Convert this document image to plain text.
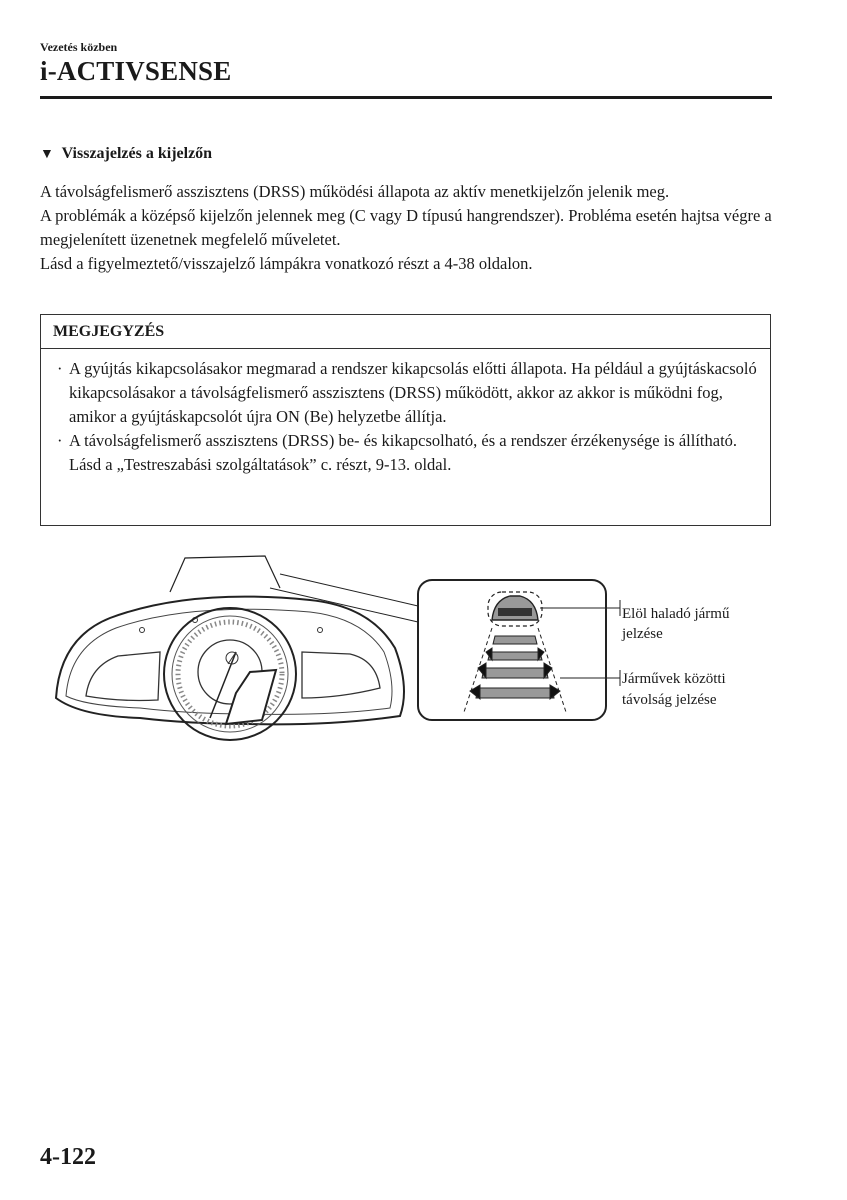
Vezetés közben
i-ACTIVSENSE
▼ Visszajelzés a kijelzőn

A távolságfelismerő asszisztens (DRSS) működési állapota az aktív menetkijelzőn jelenik meg.

A problémák a középső kijelzőn jelennek meg (C vagy D típusú hangrendszer). Probléma esetén hajtsa végre a megjelenített üzenetnek megfelelő műveletet.

Lásd a figyelmeztető/visszajelző lámpákra vonatkozó részt a 4-38 oldalon.

MEGJEGYZÉS
· A gyújtás kikapcsolásakor megmarad a rendszer kikapcsolás előtti állapota. Ha például a gyújtáskacsoló kikapcsolásakor a távolságfelismerő asszisztens (DRSS) működött, akkor az akkor is működni fog, amikor a gyújtáskapcsolót újra ON (Be) helyzetbe állítja.

· A távolságfelismerő asszisztens (DRSS) be- és kikapcsolható, és a rendszer érzékenysége is állítható.

Lásd a „Testreszabási szolgáltatások” c. részt, 9-13. oldal.

Elöl haladó jármű
jelzése
Járművek közötti
távolság jelzése
4-122
